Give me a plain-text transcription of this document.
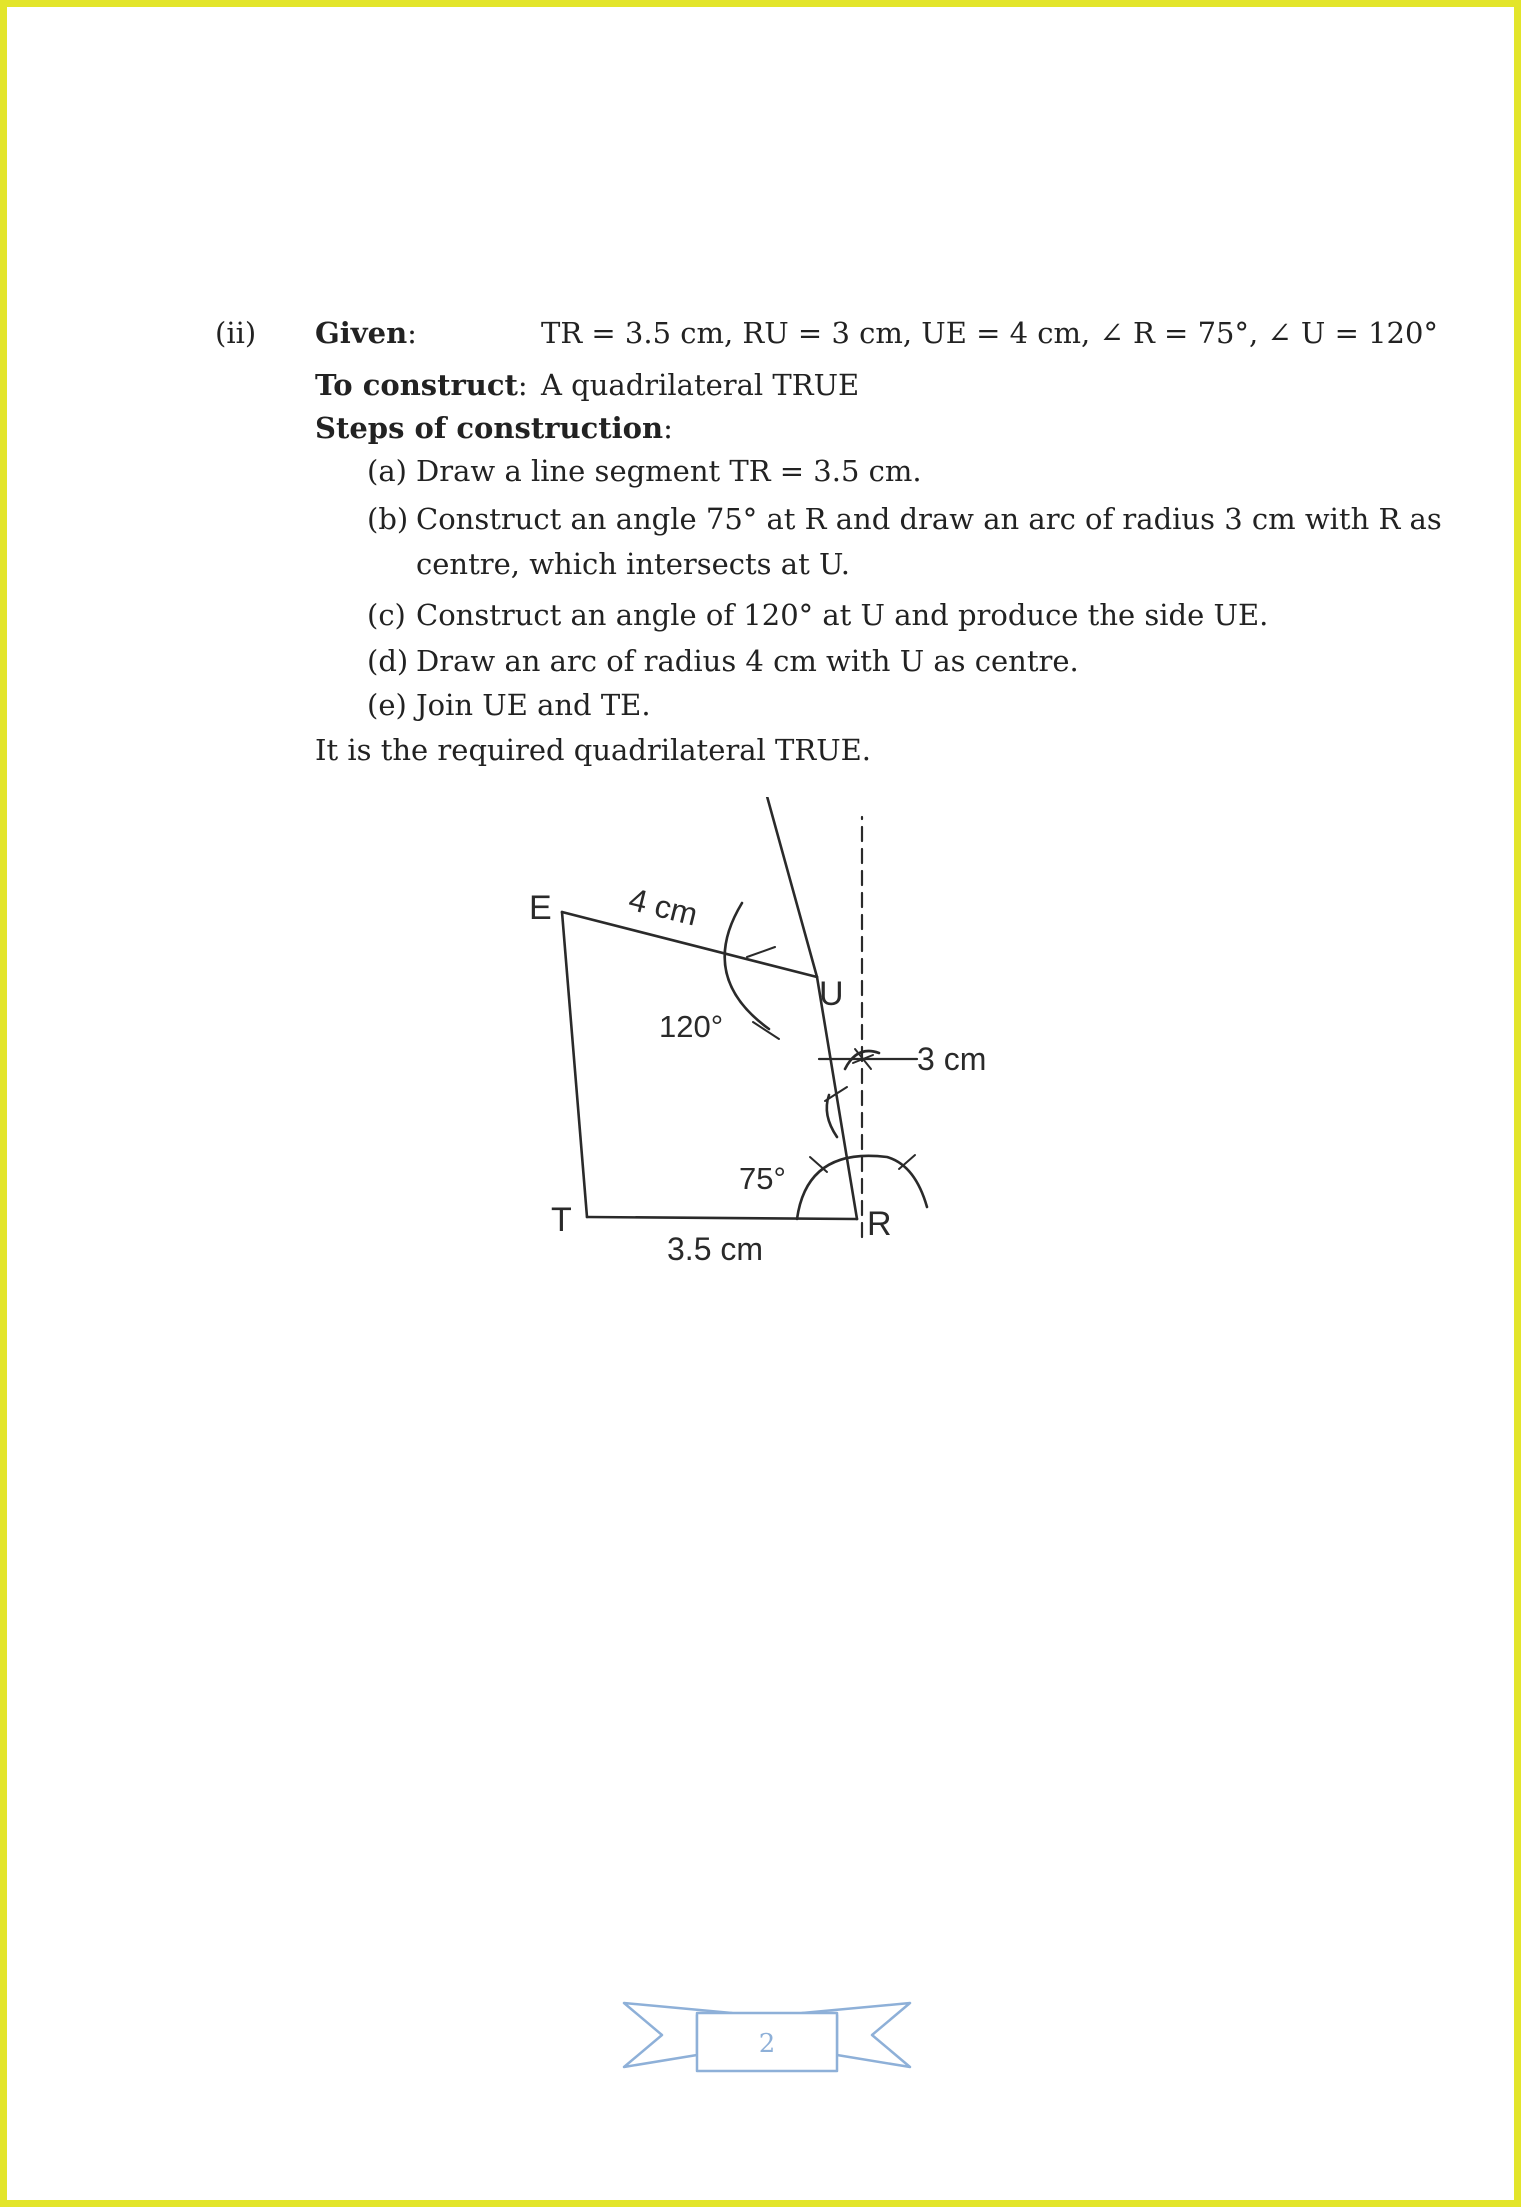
(ii) Given:	TR = 3.5 cm, RU = 3 cm, UE = 4 cm, ∠ R = 75°, ∠ U = 120°
To construct: A quadrilateral TRUE
Steps of construction:
(a) Draw a line segment TR = 3.5 cm.
(b) Construct an angle 75° at R and draw an arc of radius 3 cm with R as
centre, which intersects at U.
(c) Construct an angle of 120° at U and produce the side UE.
(d) Draw an arc of radius 4 cm with U as centre.
(e) Join UE and TE.
It is the required quadrilateral TRUE.
E
U
T	R
4 cm
3 cm
3.5 cm
120°
75°
2
